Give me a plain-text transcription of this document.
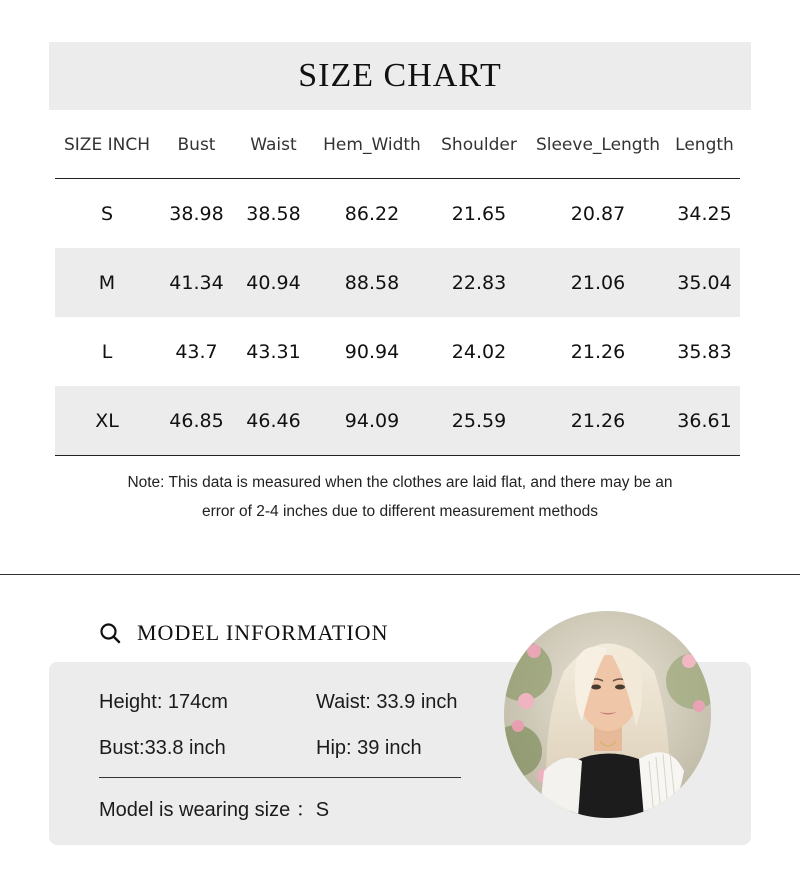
SIZE CHART
SIZE INCH	Bust	Waist	Hem_Width	Shoulder	Sleeve_Length	Length
S	38.98	38.58	86.22	21.65	20.87	34.25
M	41.34	40.94	88.58	22.83	21.06	35.04
L	43.7	43.31	90.94	24.02	21.26	35.83
XL	46.85	46.46	94.09	25.59	21.26	36.61
Note: This data is measured when the clothes are laid flat, and there may be an
error of 2-4 inches due to different measurement methods
MODEL INFORMATION
Height: 174cm	Waist: 33.9 inch
Bust:33.8 inch	Hip: 39 inch
Model is wearing size ：S
